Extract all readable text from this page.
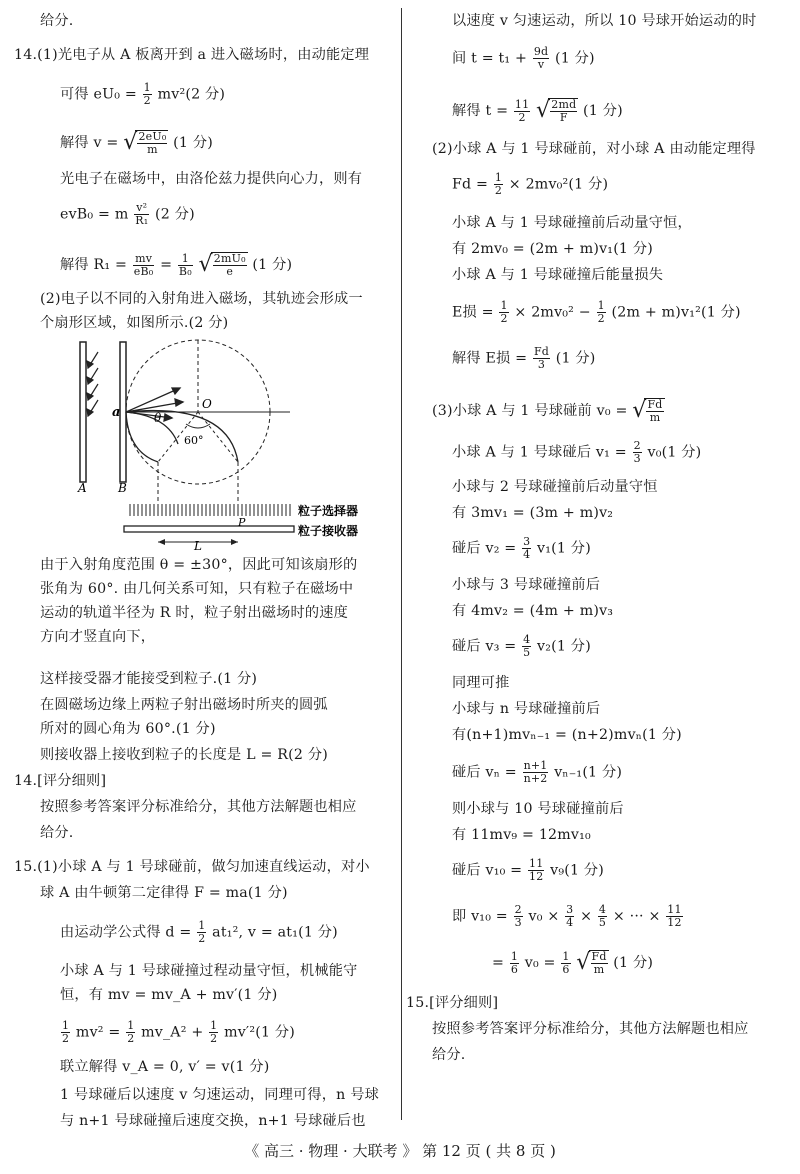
给分.
14.(1)光电子从 A 板离开到 a 进入磁场时，由动能定理
可得 $eU_0 = \frac{1}{2} mv^2(2$ 分)
解得 v = √ $\frac{\text{2eU₀}}{m} (1$ 分)
光电子在磁场中，由洛伦兹力提供向心力，则有
evB₀ = m $\frac{\text{v²}}{\text{R₁}} (2$ 分)
解得 $R_1 = \frac{mv}{\text{eB₀}} = \frac{1}{\text{B₀}}$ √ $\frac{\text{2mU₀}}{e} (1$ 分)
(2)电子以不同的入射角进入磁场，其轨迹会形成一
个扇形区域，如图所示.(2 分)
A	B
a
O
θ
60°
P
L
粒子选择器
粒子接收器
由于入射角度范围 θ = ±30°，因此可知该扇形的
张角为 60°. 由几何关系可知，只有粒子在磁场中
运动的轨道半径为 R 时，粒子射出磁场时的速度
方向才竖直向下，
这样接受器才能接受到粒子.(1 分)
在圆磁场边缘上两粒子射出磁场时所夹的圆弧
所对的圆心角为 60°.(1 分)
则接收器上接收到粒子的长度是 L = R(2 分)
14.[评分细则]
按照参考答案评分标准给分，其他方法解题也相应
给分.
15.(1)小球 A 与 1 号球碰前，做匀加速直线运动，对小
球 A 由牛顿第二定律得 F = ma(1 分)
由运动学公式得 $d = \frac{1}{2} at_1^2$, v = at₁(1 分)
小球 A 与 1 号球碰撞过程动量守恒，机械能守
恒，有 mv = mv_A + mv′(1 分)
$\frac{1}{2} mv^2 = \frac{1}{2}$ mv_A² + $\frac{1}{2} mv'^2(1$ 分)
联立解得 v_A = 0, v′ = v(1 分)
1 号球碰后以速度 v 匀速运动，同理可得，n 号球
与 n+1 号球碰撞后速度交换，n+1 号球碰后也
以速度 v 匀速运动，所以 10 号球开始运动的时
间 $t = t_1 + \frac{9d}{v} (1$ 分)
解得 $t = \frac{11}{2}$ √ $\frac{2md}{F} (1$ 分)
(2)小球 A 与 1 号球碰前，对小球 A 由动能定理得
$Fd = \frac{1}{2} \times 2mv_0^2(1$ 分)
小球 A 与 1 号球碰撞前后动量守恒，
有 2mv₀ = (2m + m)v₁(1 分)
小球 A 与 1 号球碰撞后能量损失
E损 = $\frac{1}{2} \times 2mv_0^2 - \frac{1}{2} (2m + m)v_1^2(1$ 分)
解得 E损 = $\frac{Fd}{3} (1$ 分)
(3)小球 A 与 1 号球碰前 v₀ = √ $\frac{Fd}{m}$
小球 A 与 1 号球碰后 $v_1 = \frac{2}{3} v_0(1$ 分)
小球与 2 号球碰撞前后动量守恒
有 3mv₁ = (3m + m)v₂
碰后 $v_2 = \frac{3}{4} v_1(1$ 分)
小球与 3 号球碰撞前后
有 4mv₂ = (4m + m)v₃
碰后 $v_3 = \frac{4}{5} v_2(1$ 分)
同理可推
小球与 n 号球碰撞前后
有(n+1)mvₙ₋₁ = (n+2)mvₙ(1 分)
碰后 $v_n = \frac{n+1}{n+2} v_{n-1}(1$ 分)
则小球与 10 号球碰撞前后
有 11mv₉ = 12mv₁₀
碰后 $v_{10} = \frac{11}{12} v_9(1$ 分)
即 $v_{10} = \frac{2}{3} v_0 \times \frac{3}{4} \times \frac{4}{5}$ × ··· × $\frac{11}{12}$
= $\frac{1}{6} v_0 = \frac{1}{6}$ √ $\frac{Fd}{m} (1$ 分)
15.[评分细则]
按照参考答案评分标准给分，其他方法解题也相应
给分.
《 高三 · 物理 · 大联考 》 第 12 页 ( 共 8 页 )
